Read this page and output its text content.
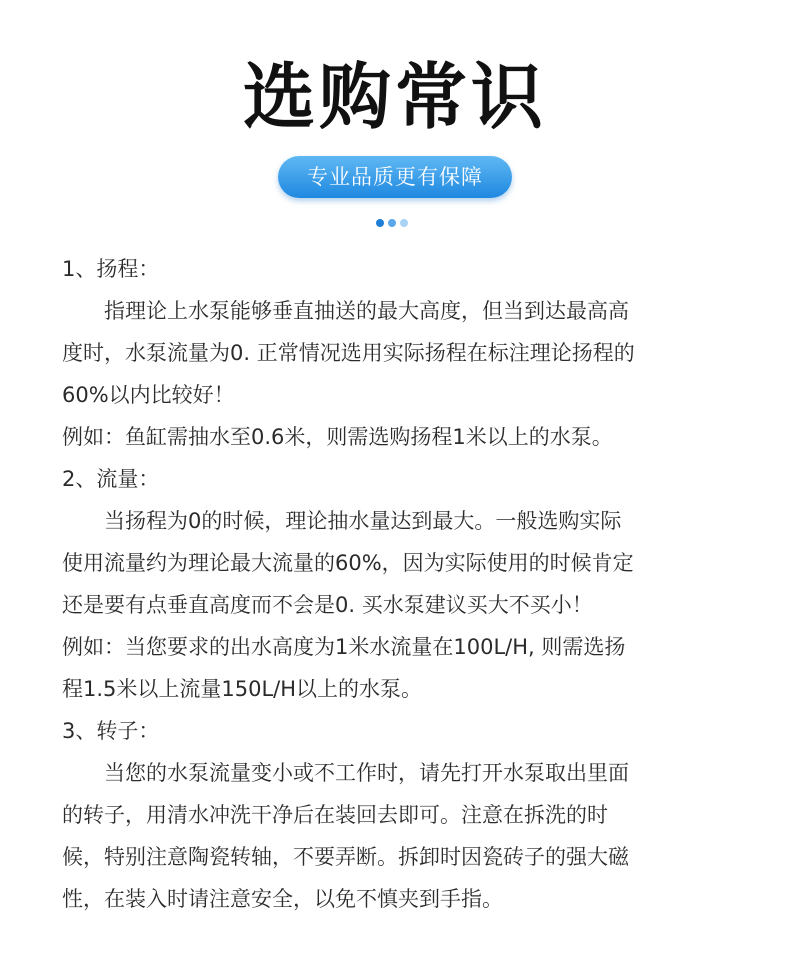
选购常识
专业品质更有保障
1、扬程：
指理论上水泵能够垂直抽送的最大高度，但当到达最高高
度时，水泵流量为0. 正常情况选用实际扬程在标注理论扬程的
60%以内比较好！
例如：鱼缸需抽水至0.6米，则需选购扬程1米以上的水泵。
2、流量：
当扬程为0的时候，理论抽水量达到最大。一般选购实际
使用流量约为理论最大流量的60%，因为实际使用的时候肯定
还是要有点垂直高度而不会是0. 买水泵建议买大不买小！
例如：当您要求的出水高度为1米水流量在100L/H, 则需选扬
程1.5米以上流量150L/H以上的水泵。
3、转子：
当您的水泵流量变小或不工作时，请先打开水泵取出里面
的转子，用清水冲洗干净后在装回去即可。注意在拆洗的时
候，特别注意陶瓷转轴，不要弄断。拆卸时因瓷砖子的强大磁
性，在装入时请注意安全，以免不慎夹到手指。
